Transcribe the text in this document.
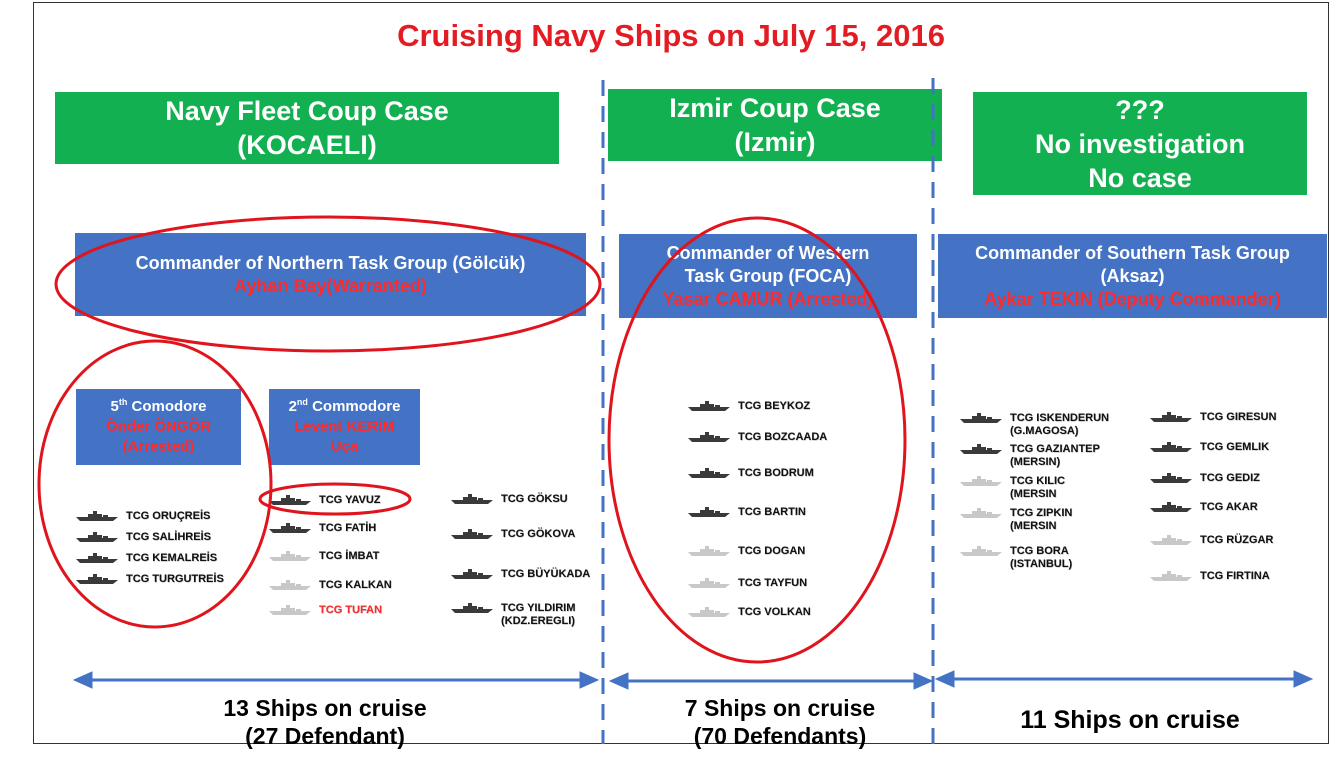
Cruising Navy Ships on July 15, 2016
Navy Fleet Coup Case
(KOCAELI)
Izmir Coup Case
(Izmir)
???
No investigation
No case
Commander of Northern Task Group (Gölcük)
Ayhan Bay(Warranted)
Commander of Western
Task Group (FOCA)
Yasar CAMUR (Arrested)
Commander of Southern Task Group
(Aksaz)
Aykar TEKIN (Deputy Commander)
5th Comodore
Önder ÖNGÖR
(Arrested)
2nd Commodore
Levent KERİM
Uça
TCG ORUÇREİS
TCG SALİHREİS
TCG KEMALREİS
TCG TURGUTREİS
TCG YAVUZ
TCG FATİH
TCG İMBAT
TCG KALKAN
TCG TUFAN
TCG GÖKSU
TCG GÖKOVA
TCG BÜYÜKADA
TCG YILDIRIM
(KDZ.EREGLI)
TCG BEYKOZ
TCG BOZCAADA
TCG BODRUM
TCG BARTIN
TCG DOGAN
TCG TAYFUN
TCG VOLKAN
TCG ISKENDERUN
(G.MAGOSA)
TCG GAZIANTEP
(MERSIN)
TCG KILIC
(MERSIN
TCG ZIPKIN
(MERSIN
TCG BORA
(ISTANBUL)
TCG GIRESUN
TCG GEMLIK
TCG GEDIZ
TCG AKAR
TCG RÜZGAR
TCG FIRTINA
13 Ships on cruise
(27 Defendant)
7 Ships on cruise
(70 Defendants)
11 Ships on cruise
